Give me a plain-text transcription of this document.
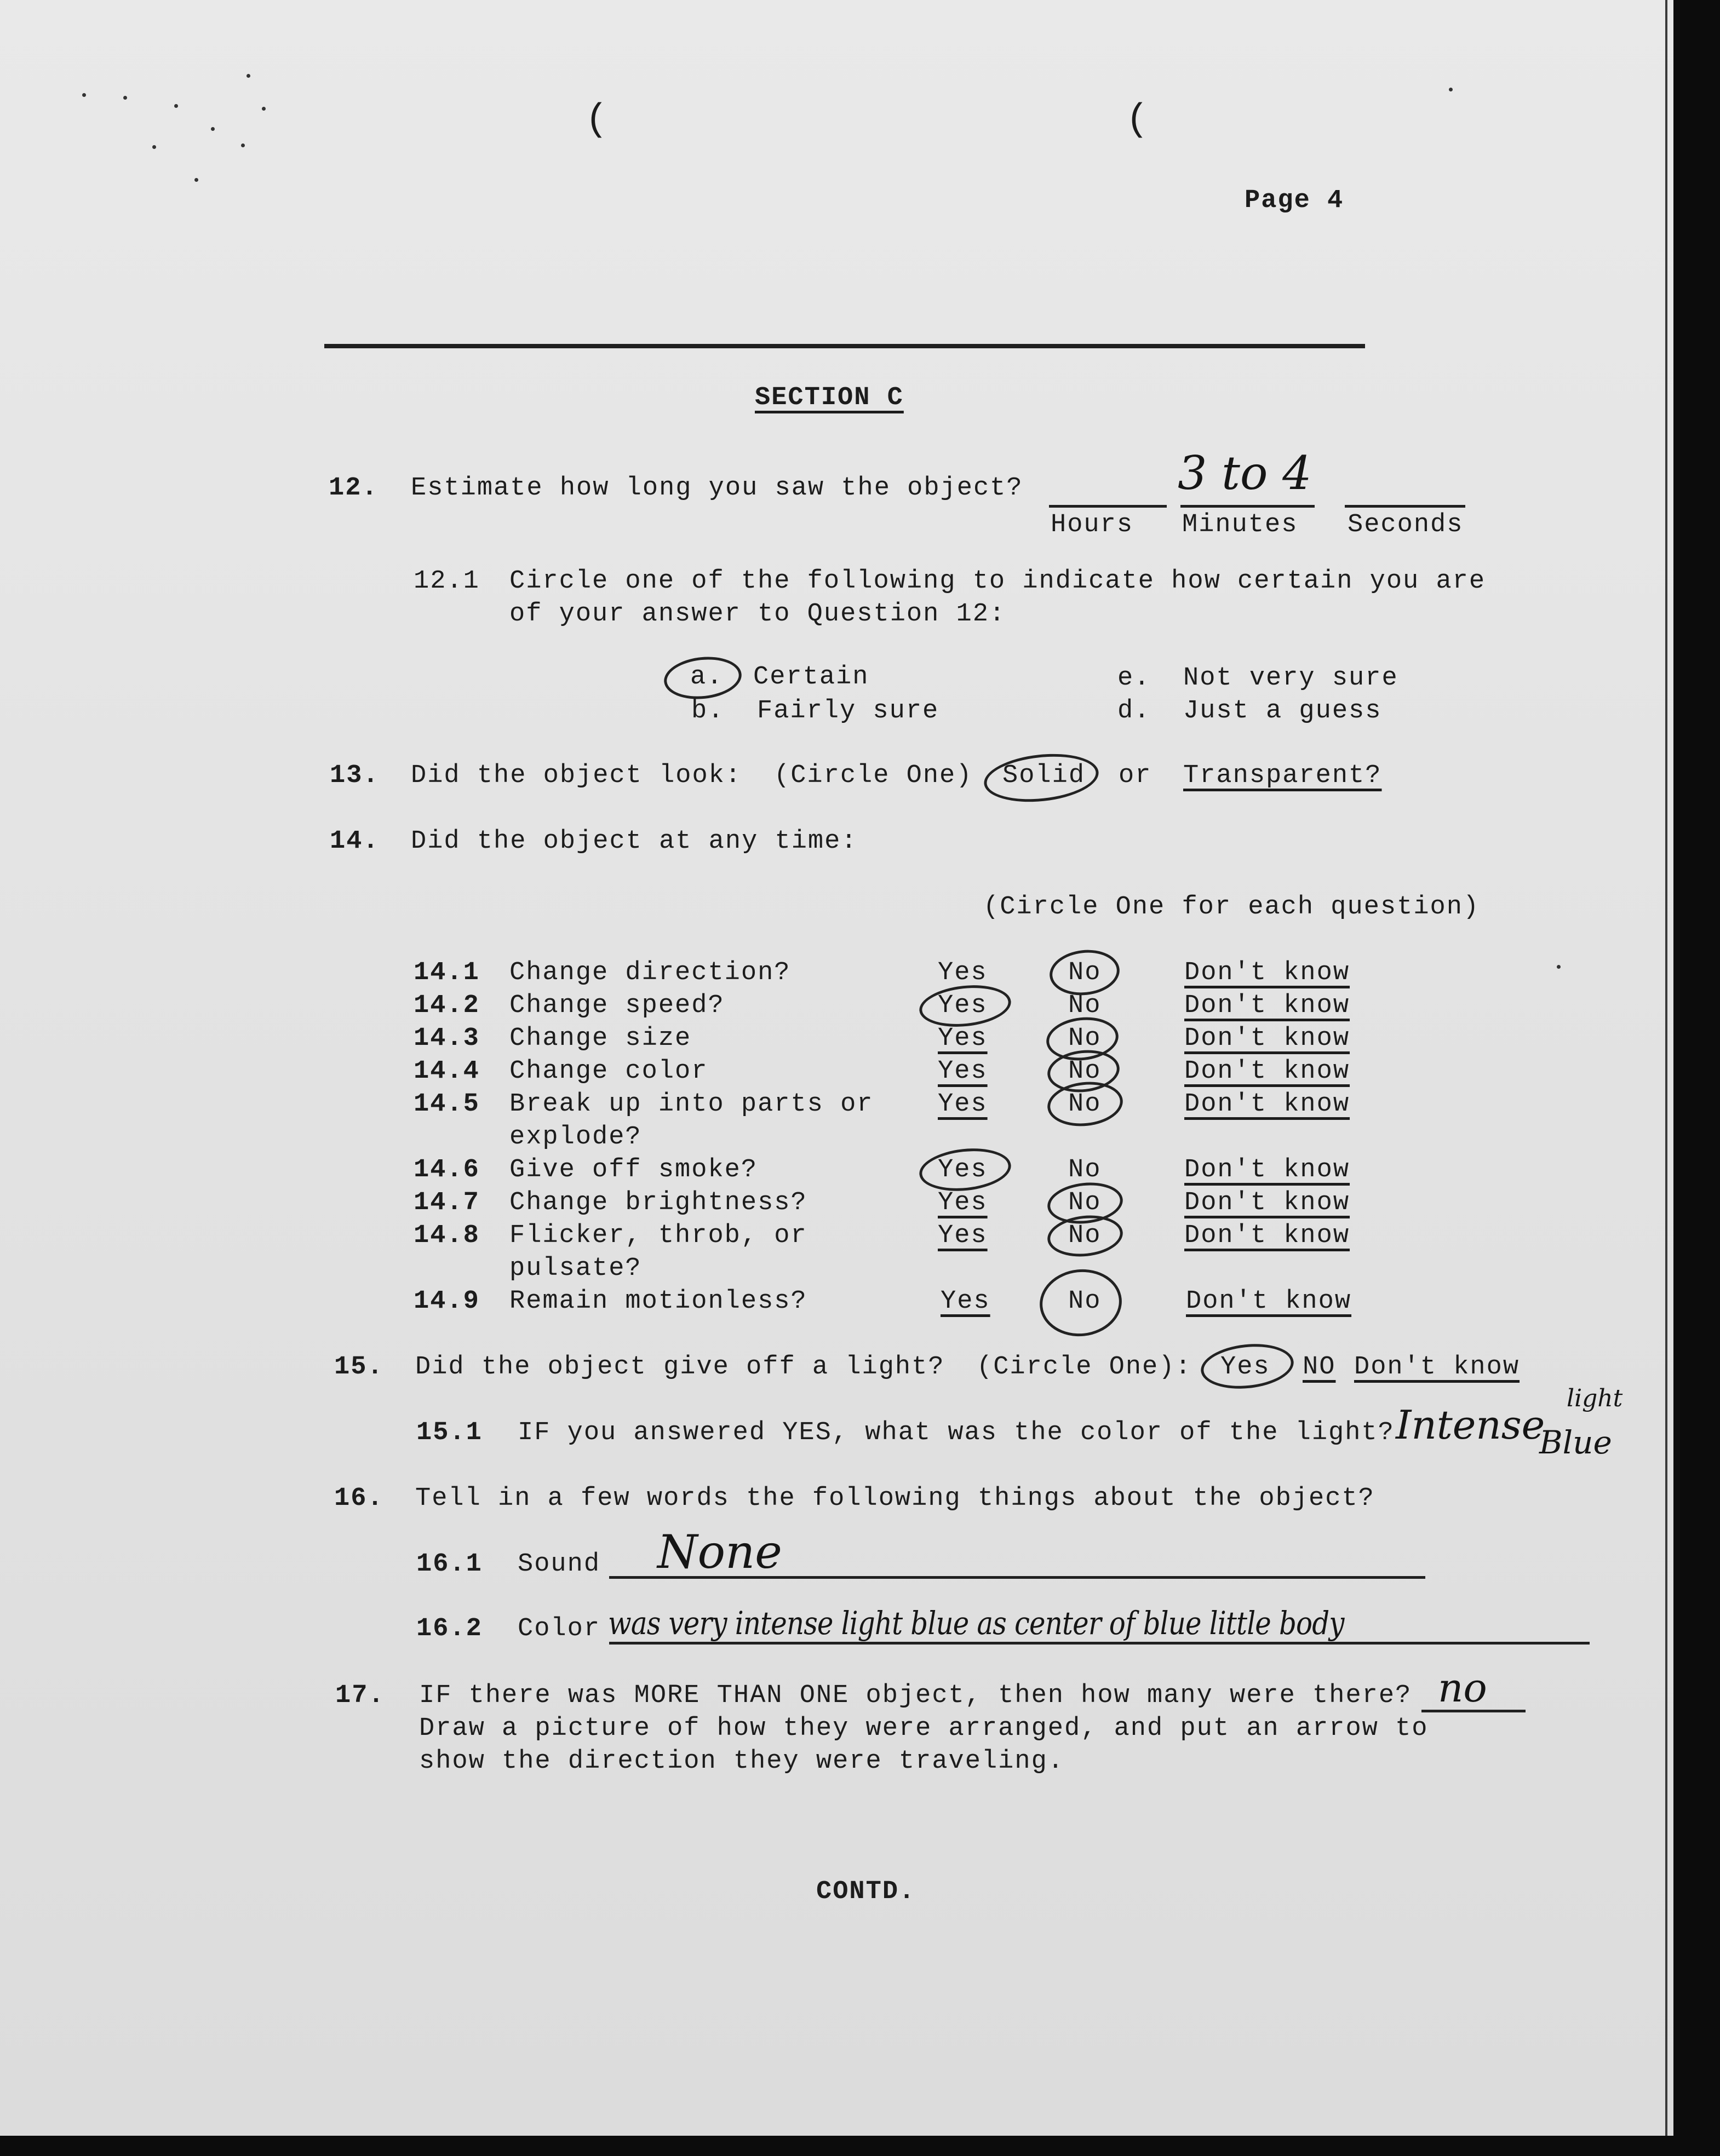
(	(
Page 4
SECTION C
12. Estimate how long you saw the object?	3 to 4
Hours Minutes Seconds
12.1 Circle one of the following to indicate how certain you are
of your answer to Question 12:
a. Certain
b. Fairly sure
e. Not very sure
d. Just a guess
13. Did the object look: (Circle One) Solid or Transparent?
14. Did the object at any time:
(Circle One for each question)
14.1 Change direction?	Yes	No	Don't know
14.2 Change speed?	Yes	No	Don't know
14.3 Change size	Yes	No	Don't know
14.4 Change color	Yes	No	Don't know
14.5 Break up into parts or
explode?
Yes	No	Don't know
14.6 Give off smoke?	Yes	No	Don't know
14.7 Change brightness?	Yes	No	Don't know
14.8 Flicker, throb, or
pulsate?
Yes	No	Don't know
14.9 Remain motionless?	Yes	No	Don't know
15. Did the object give off a light? (Circle One): Yes NO Don't know
15.1 IF you answered YES, what was the color of the light? Intense
Blue
light
16. Tell in a few words the following things about the object?
16.1 Sound None
16.2 Color was very intense light blue as center of blue little body
17. IF there was MORE THAN ONE object, then how many were there? no
Draw a picture of how they were arranged, and put an arrow to
show the direction they were traveling.
CONTD.
